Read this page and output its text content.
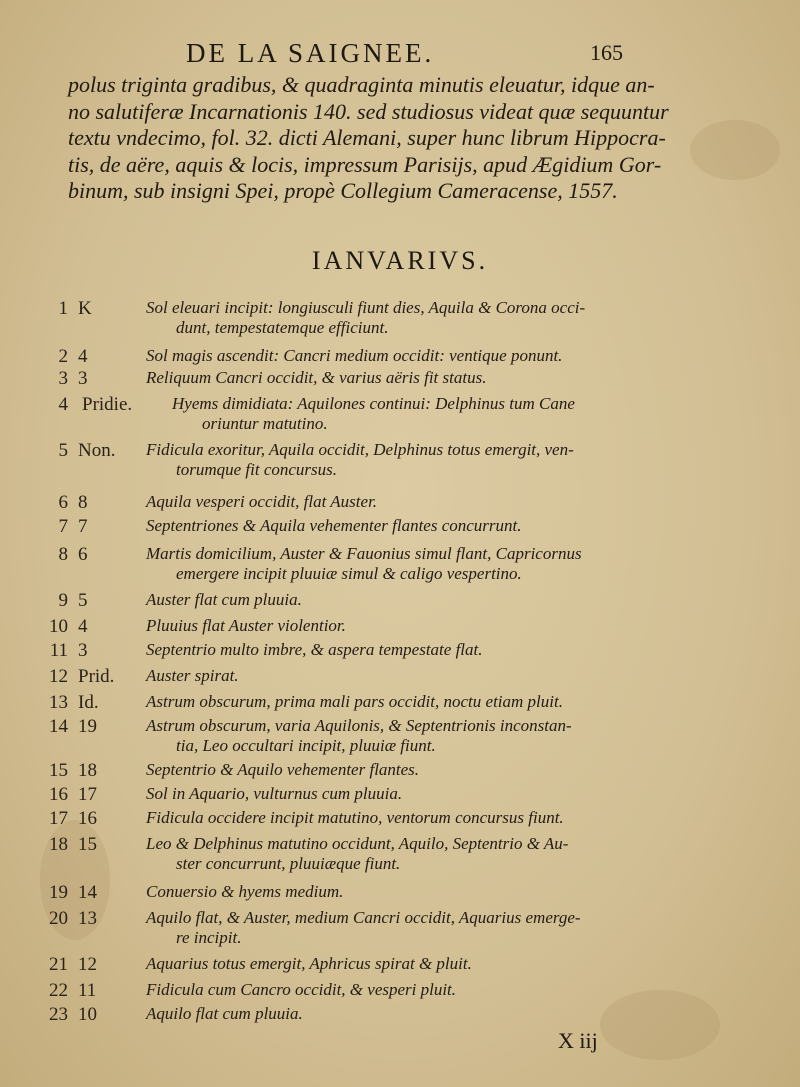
DE LA SAIGNEE.	165
polus triginta gradibus, & quadraginta minutis eleuatur, idque an-
no salutiferæ Incarnationis 140. sed studiosus videat quæ sequuntur
textu vndecimo, fol. 32. dicti Alemani, super hunc librum Hippocra-
tis, de aëre, aquis & locis, impressum Parisijs, apud Ægidium Gor-
binum, sub insigni Spei, propè Collegium Cameracense, 1557.
IANVARIVS.
1 K	Sol eleuari incipit: longiusculi fiunt dies, Aquila & Corona occi-
dunt, tempestatemque efficiunt.
2 4	Sol magis ascendit: Cancri medium occidit: ventique ponunt.
3 3	Reliquum Cancri occidit, & varius aëris fit status.
4 Pridie.	Hyems dimidiata: Aquilones continui: Delphinus tum Cane
oriuntur matutino.
5 Non.	Fidicula exoritur, Aquila occidit, Delphinus totus emergit, ven-
torumque fit concursus.
6 8	Aquila vesperi occidit, flat Auster.
7 7	Septentriones & Aquila vehementer flantes concurrunt.
8 6	Martis domicilium, Auster & Fauonius simul flant, Capricornus
emergere incipit pluuiæ simul & caligo vespertino.
9 5	Auster flat cum pluuia.
10 4	Pluuius flat Auster violentior.
11 3	Septentrio multo imbre, & aspera tempestate flat.
12 Prid.	Auster spirat.
13 Id.	Astrum obscurum, prima mali pars occidit, noctu etiam pluit.
14 19	Astrum obscurum, varia Aquilonis, & Septentrionis inconstan-
tia, Leo occultari incipit, pluuiæ fiunt.
15 18	Septentrio & Aquilo vehementer flantes.
16 17	Sol in Aquario, vulturnus cum pluuia.
17 16	Fidicula occidere incipit matutino, ventorum concursus fiunt.
18 15	Leo & Delphinus matutino occidunt, Aquilo, Septentrio & Au-
ster concurrunt, pluuiæque fiunt.
19 14	Conuersio & hyems medium.
20 13	Aquilo flat, & Auster, medium Cancri occidit, Aquarius emerge-
re incipit.
21 12	Aquarius totus emergit, Aphricus spirat & pluit.
22 11	Fidicula cum Cancro occidit, & vesperi pluit.
23 10	Aquilo flat cum pluuia.
X iij
